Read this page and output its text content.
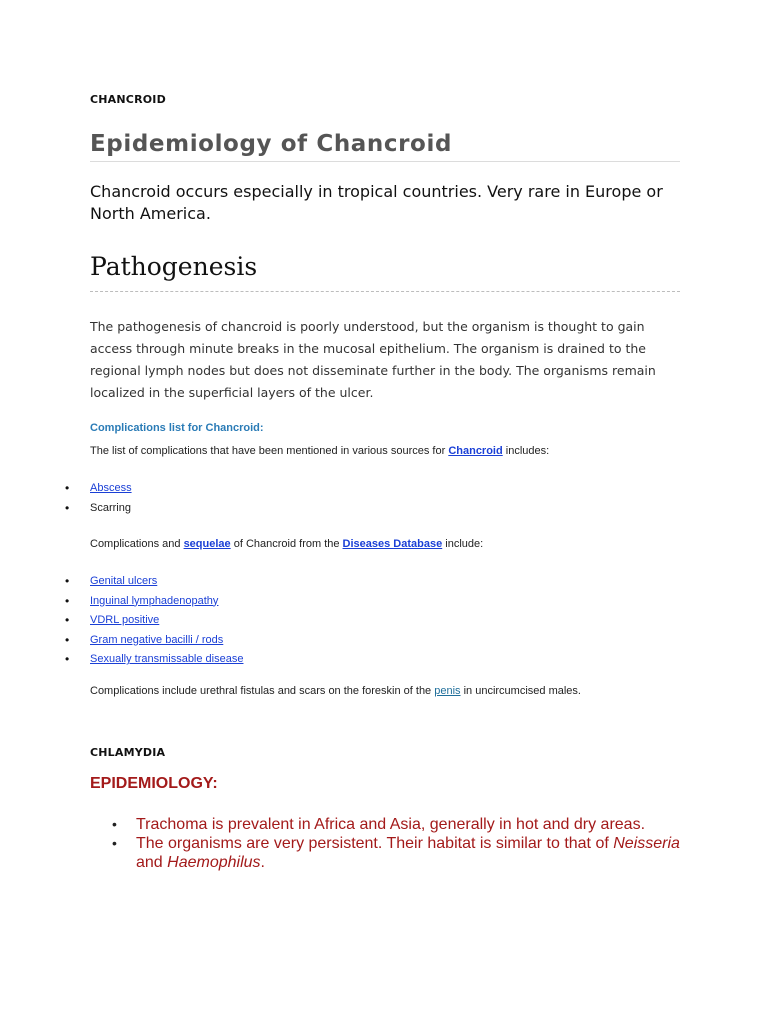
CHANCROID
Epidemiology of Chancroid
Chancroid occurs especially in tropical countries. Very rare in Europe or North America.
Pathogenesis
The pathogenesis of chancroid is poorly understood, but the organism is thought to gain access through minute breaks in the mucosal epithelium. The organism is drained to the regional lymph nodes but does not disseminate further in the body. The organisms remain localized in the superficial layers of the ulcer.
Complications list for Chancroid:
The list of complications that have been mentioned in various sources for Chancroid includes:
• Abscess
• Scarring
Complications and sequelae of Chancroid from the Diseases Database include:
• Genital ulcers
• Inguinal lymphadenopathy
• VDRL positive
• Gram negative bacilli / rods
• Sexually transmissable disease
Complications include urethral fistulas and scars on the foreskin of the penis in uncircumcised males.
CHLAMYDIA
EPIDEMIOLOGY:
• Trachoma is prevalent in Africa and Asia, generally in hot and dry areas.
• The organisms are very persistent. Their habitat is similar to that of Neisseria and Haemophilus.
